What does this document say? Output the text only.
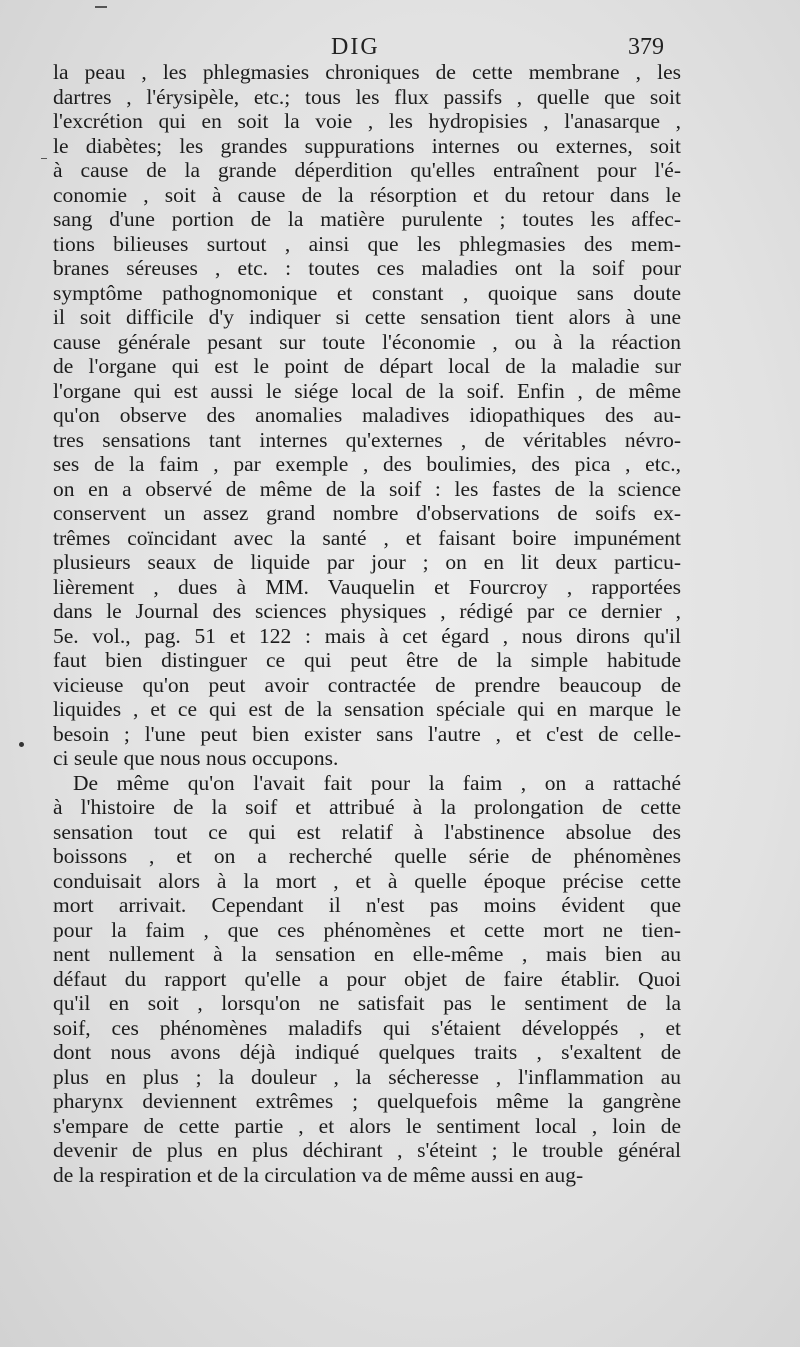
DIG	379
la peau , les phlegmasies chroniques de cette membrane , les
dartres , l'érysipèle, etc.; tous les flux passifs , quelle que soit
l'excrétion qui en soit la voie , les hydropisies , l'anasarque ,
le diabètes; les grandes suppurations internes ou externes, soit
à cause de la grande déperdition qu'elles entraînent pour l'é-
conomie , soit à cause de la résorption et du retour dans le
sang d'une portion de la matière purulente ; toutes les affec-
tions bilieuses surtout , ainsi que les phlegmasies des mem-
branes séreuses , etc. : toutes ces maladies ont la soif pour
symptôme pathognomonique et constant , quoique sans doute
il soit difficile d'y indiquer si cette sensation tient alors à une
cause générale pesant sur toute l'économie , ou à la réaction
de l'organe qui est le point de départ local de la maladie sur
l'organe qui est aussi le siége local de la soif. Enfin , de même
qu'on observe des anomalies maladives idiopathiques des au-
tres sensations tant internes qu'externes , de véritables névro-
ses de la faim , par exemple , des boulimies, des pica , etc.,
on en a observé de même de la soif : les fastes de la science
conservent un assez grand nombre d'observations de soifs ex-
trêmes coïncidant avec la santé , et faisant boire impunément
plusieurs seaux de liquide par jour ; on en lit deux particu-
lièrement , dues à MM. Vauquelin et Fourcroy , rapportées
dans le Journal des sciences physiques , rédigé par ce dernier ,
5e. vol., pag. 51 et 122 : mais à cet égard , nous dirons qu'il
faut bien distinguer ce qui peut être de la simple habitude
vicieuse qu'on peut avoir contractée de prendre beaucoup de
liquides , et ce qui est de la sensation spéciale qui en marque le
besoin ; l'une peut bien exister sans l'autre , et c'est de celle-
ci seule que nous nous occupons.
De même qu'on l'avait fait pour la faim , on a rattaché
à l'histoire de la soif et attribué à la prolongation de cette
sensation tout ce qui est relatif à l'abstinence absolue des
boissons , et on a recherché quelle série de phénomènes
conduisait alors à la mort , et à quelle époque précise cette
mort arrivait. Cependant il n'est pas moins évident que
pour la faim , que ces phénomènes et cette mort ne tien-
nent nullement à la sensation en elle-même , mais bien au
défaut du rapport qu'elle a pour objet de faire établir. Quoi
qu'il en soit , lorsqu'on ne satisfait pas le sentiment de la
soif, ces phénomènes maladifs qui s'étaient développés , et
dont nous avons déjà indiqué quelques traits , s'exaltent de
plus en plus ; la douleur , la sécheresse , l'inflammation au
pharynx deviennent extrêmes ; quelquefois même la gangrène
s'empare de cette partie , et alors le sentiment local , loin de
devenir de plus en plus déchirant , s'éteint ; le trouble général
de la respiration et de la circulation va de même aussi en aug-
